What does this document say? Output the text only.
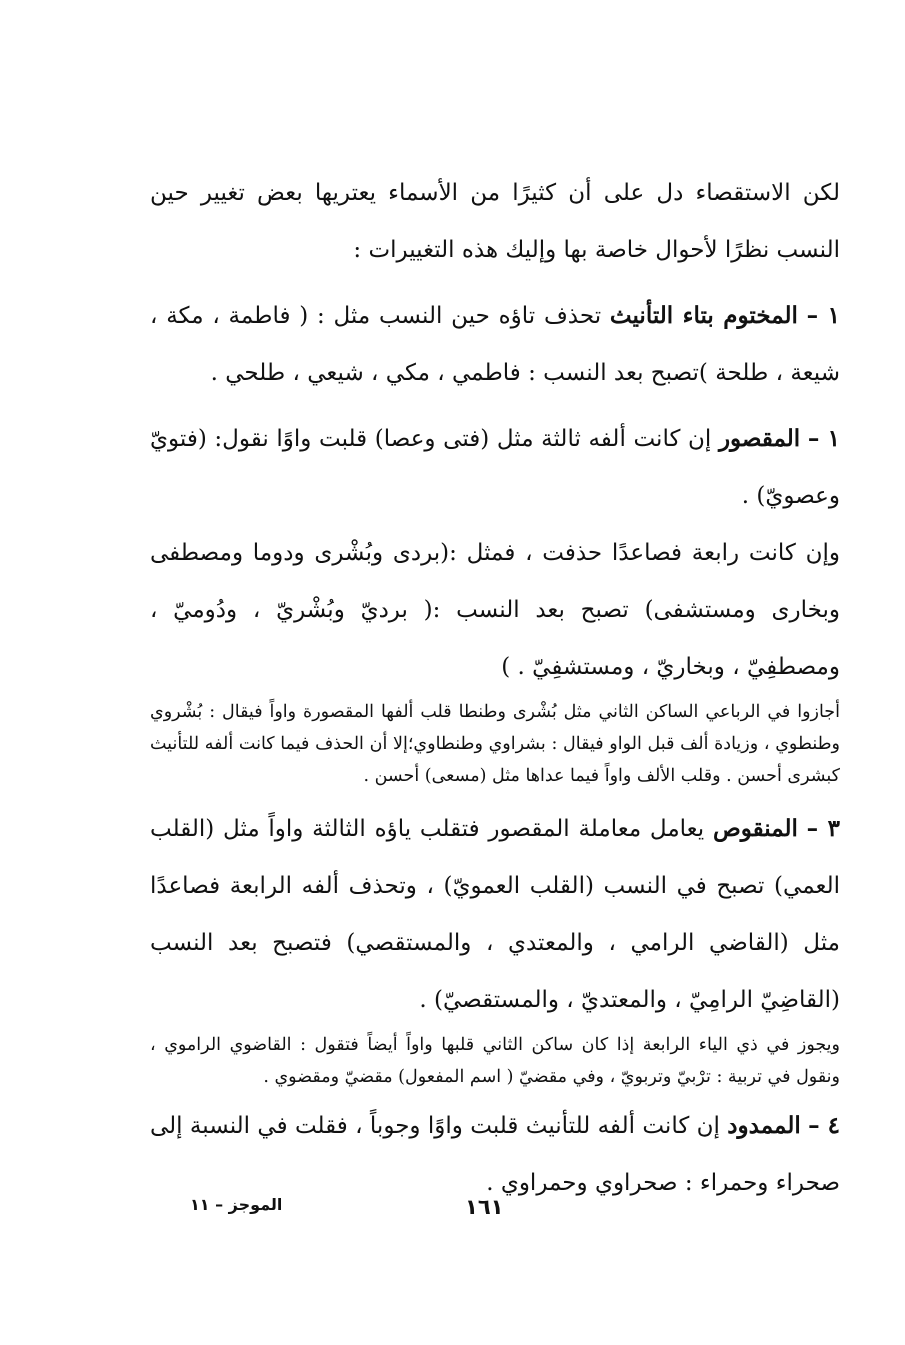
لكن الاستقصاء دل على أن كثيرًا من الأسماء يعتريها بعض تغيير حين النسب نظرًا لأحوال خاصة بها وإليك هذه التغييرات :

١ – المختوم بتاء التأنيث تحذف تاؤه حين النسب مثل : ( فاطمة ، مكة ، شيعة ، طلحة )تصبح بعد النسب : فاطمي ، مكي ، شيعي ، طلحي .

١ – المقصور إن كانت ألفه ثالثة مثل (فتى وعصا) قلبت واوًا نقول: (فتويّ وعصويّ) .

وإن كانت رابعة فصاعدًا حذفت ، فمثل :(بردى وبُشْرى ودوما ومصطفى وبخارى ومستشفى) تصبح بعد النسب :( برديّ وبُشْريّ ، ودُوميّ ، ومصطفِيّ ، وبخاريّ ، ومستشفِيّ . )

أجازوا في الرباعي الساكن الثاني مثل بُشْرى وطنطا قلب ألفها المقصورة واواً فيقال : بُشْروي وطنطوي ، وزيادة ألف قبل الواو فيقال : بشراوي وطنطاوي؛إلا أن الحذف فيما كانت ألفه للتأنيث كبشرى أحسن . وقلب الألف واواً فيما عداها مثل (مسعى) أحسن .

٣ – المنقوص يعامل معاملة المقصور فتقلب ياؤه الثالثة واواً مثل (القلب العمي) تصبح في النسب (القلب العمويّ) ، وتحذف ألفه الرابعة فصاعدًا مثل (القاضي الرامي ، والمعتدي ، والمستقصي) فتصبح بعد النسب (القاضِيّ الرامِيّ ، والمعتديّ ، والمستقصيّ) .

ويجوز في ذي الياء الرابعة إذا كان ساكن الثاني قلبها واواً أيضاً فتقول : القاضوي الراموي ، ونقول في تربية : ترْبيّ وتربويّ ، وفي مقضيّ ( اسم المفعول) مقضيّ ومقضوي .

٤ – الممدود إن كانت ألفه للتأنيث قلبت واوًا وجوباً ، فقلت في النسبة إلى صحراء وحمراء : صحراوي وحمراوي .

١٦١
الموجز – ١١
